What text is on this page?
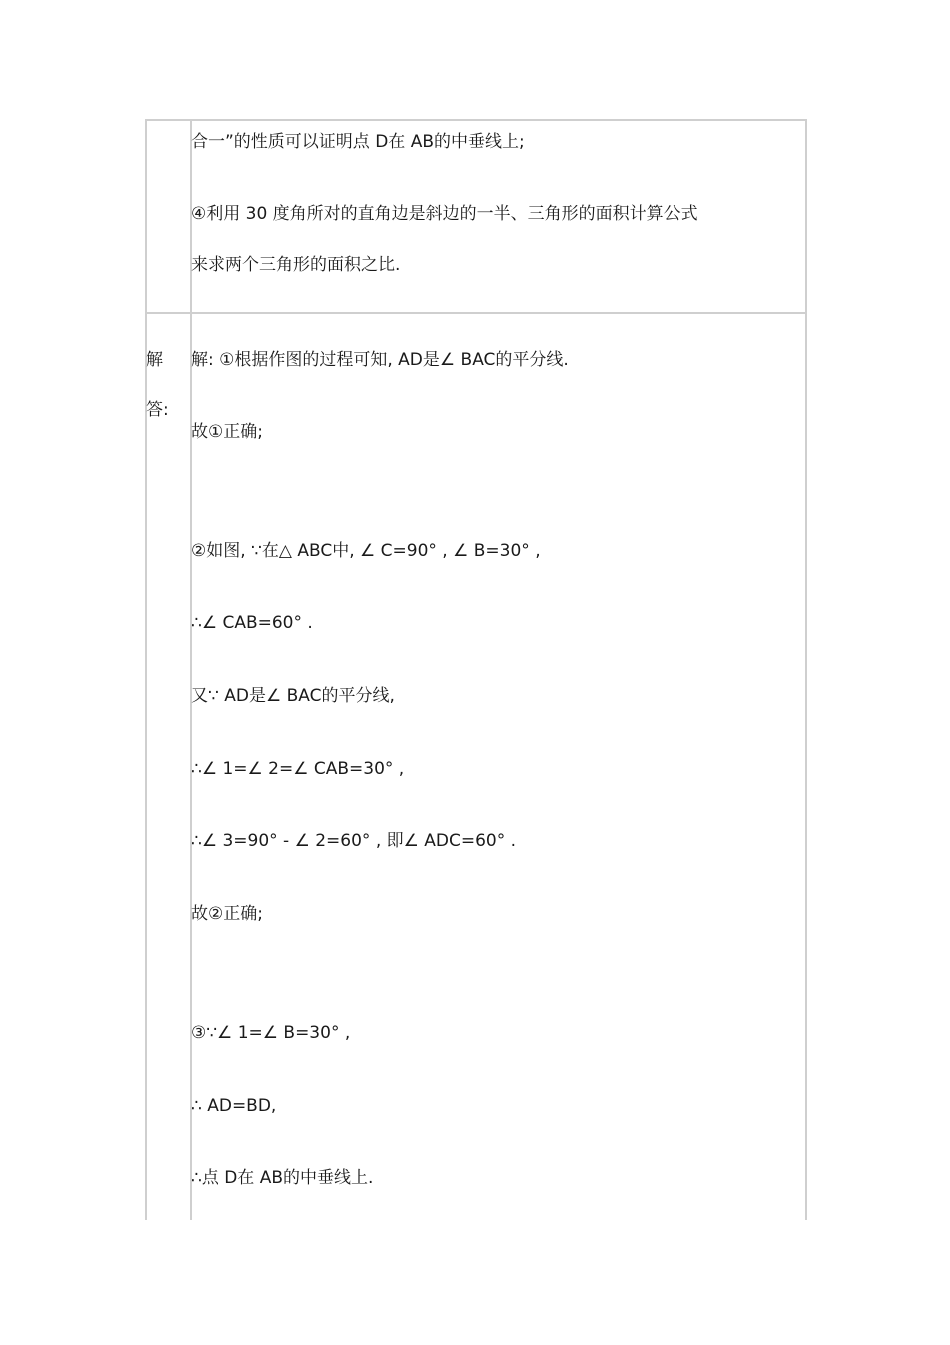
合一”的性质可以证明点 D在 AB的中垂线上;
④利用 30 度角所对的直角边是斜边的一半、三角形的面积计算公式
来求两个三角形的面积之比.
解
答:
解: ①根据作图的过程可知, AD是∠ BAC的平分线.
故①正确;
②如图, ∵在△ ABC中, ∠ C=90° , ∠ B=30° ,
∴∠ CAB=60° .
又∵ AD是∠ BAC的平分线,
∴∠ 1=∠ 2=∠ CAB=30° ,
∴∠ 3=90° - ∠ 2=60° , 即∠ ADC=60° .
故②正确;
③∵∠ 1=∠ B=30° ,
∴ AD=BD,
∴点 D在 AB的中垂线上.
